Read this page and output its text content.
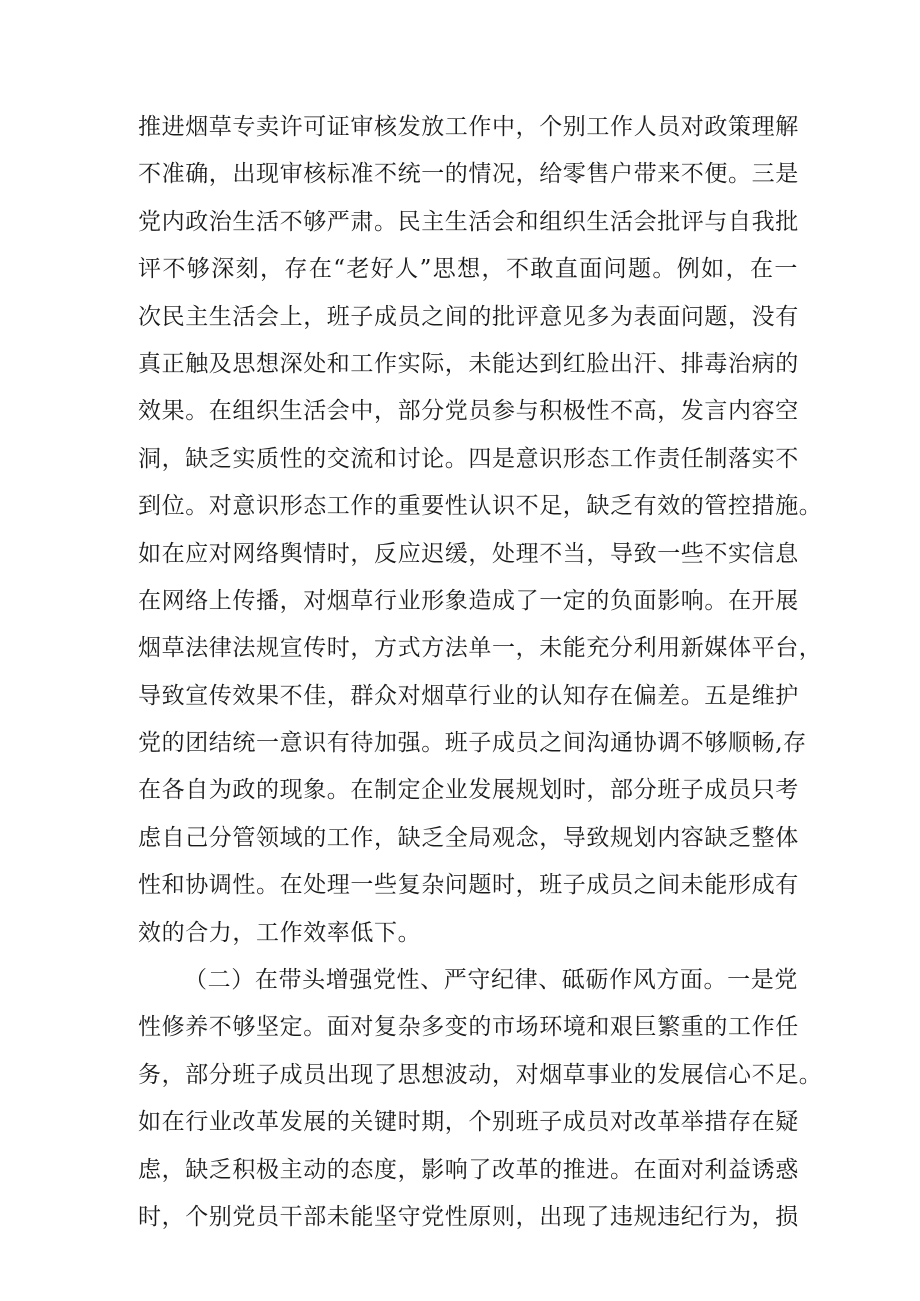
推进烟草专卖许可证审核发放工作中，个别工作人员对政策理解
不准确，出现审核标准不统一的情况，给零售户带来不便。三是
党内政治生活不够严肃。民主生活会和组织生活会批评与自我批
评不够深刻，存在“老好人”思想，不敢直面问题。例如，在一
次民主生活会上，班子成员之间的批评意见多为表面问题，没有
真正触及思想深处和工作实际，未能达到红脸出汗、排毒治病的
效果。在组织生活会中，部分党员参与积极性不高，发言内容空
洞，缺乏实质性的交流和讨论。四是意识形态工作责任制落实不
到位。对意识形态工作的重要性认识不足，缺乏有效的管控措施。
如在应对网络舆情时，反应迟缓，处理不当，导致一些不实信息
在网络上传播，对烟草行业形象造成了一定的负面影响。在开展
烟草法律法规宣传时，方式方法单一，未能充分利用新媒体平台，
导致宣传效果不佳，群众对烟草行业的认知存在偏差。五是维护
党的团结统一意识有待加强。班子成员之间沟通协调不够顺畅,存
在各自为政的现象。在制定企业发展规划时，部分班子成员只考
虑自己分管领域的工作，缺乏全局观念，导致规划内容缺乏整体
性和协调性。在处理一些复杂问题时，班子成员之间未能形成有
效的合力，工作效率低下。
（二）在带头增强党性、严守纪律、砥砺作风方面。一是党
性修养不够坚定。面对复杂多变的市场环境和艰巨繁重的工作任
务，部分班子成员出现了思想波动，对烟草事业的发展信心不足。
如在行业改革发展的关键时期，个别班子成员对改革举措存在疑
虑，缺乏积极主动的态度，影响了改革的推进。在面对利益诱惑
时，个别党员干部未能坚守党性原则，出现了违规违纪行为，损
